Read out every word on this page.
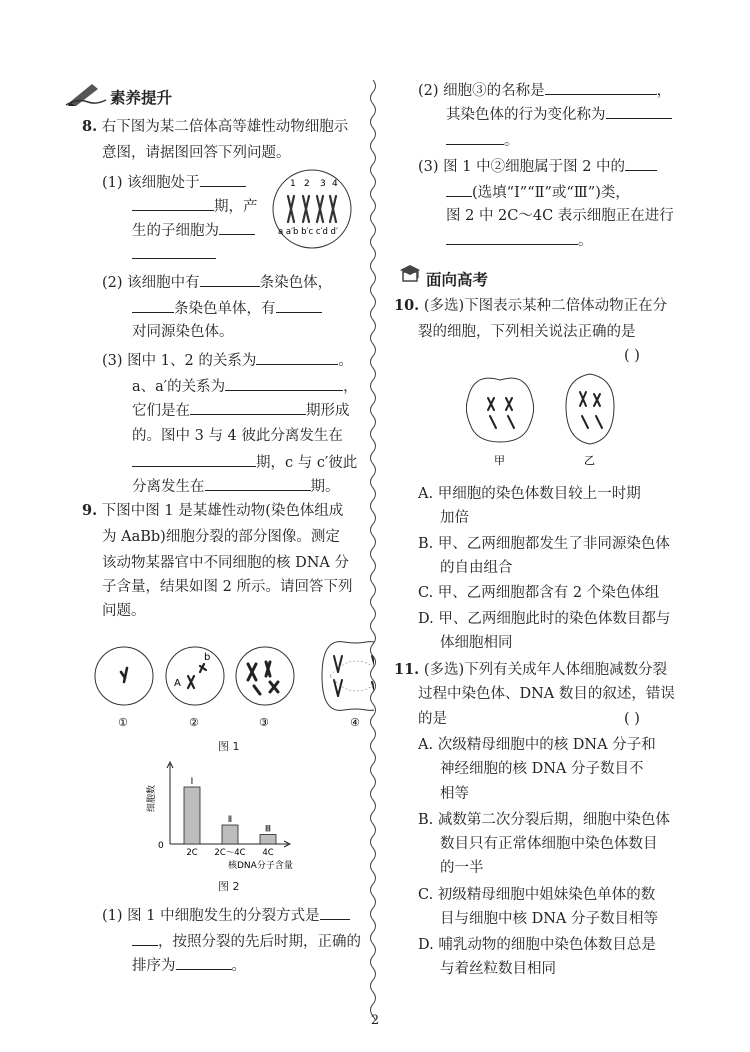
素养提升
8. 右下图为某二倍体高等雄性动物细胞示
意图，请据图回答下列问题。
(1) 该细胞处于
期，产
生的子细胞为
1 2 3 4
a a′b b′c c′d d′
(2) 该细胞中有	条染色体，
条染色单体，有
对同源染色体。
(3) 图中 1、2 的关系为	。
a、a′的关系为	，
它们是在	期形成
的。图中 3 与 4 彼此分离发生在
期，c 与 c′彼此
分离发生在	期。
9. 下图中图 1 是某雄性动物(染色体组成
为 AaBb)细胞分裂的部分图像。测定
该动物某器官中不同细胞的核 DNA 分
子含量，结果如图 2 所示。请回答下列
问题。
A
b
①	②	③	④
图 1
0
细胞数
核DNA分子含量
Ⅰ
2C
Ⅱ
2C～4C
Ⅲ
4C
图 2
(1) 图 1 中细胞发生的分裂方式是
，按照分裂的先后时期，正确的
排序为	。
(2) 细胞③的名称是	，
其染色体的行为变化称为
。
(3) 图 1 中②细胞属于图 2 中的
(选填“Ⅰ”“Ⅱ”或“Ⅲ”)类，
图 2 中 2C～4C 表示细胞正在进行
。
面向高考
10. (多选)下图表示某种二倍体动物正在分
裂的细胞，下列相关说法正确的是
( )
甲	乙
A. 甲细胞的染色体数目较上一时期
加倍
B. 甲、乙两细胞都发生了非同源染色体
的自由组合
C. 甲、乙两细胞都含有 2 个染色体组
D. 甲、乙两细胞此时的染色体数目都与
体细胞相同
11. (多选)下列有关成年人体细胞减数分裂
过程中染色体、DNA 数目的叙述，错误
的是	( )
A. 次级精母细胞中的核 DNA 分子和
神经细胞的核 DNA 分子数目不
相等
B. 减数第二次分裂后期，细胞中染色体
数目只有正常体细胞中染色体数目
的一半
C. 初级精母细胞中姐妹染色单体的数
目与细胞中核 DNA 分子数目相等
D. 哺乳动物的细胞中染色体数目总是
与着丝粒数目相同
2
